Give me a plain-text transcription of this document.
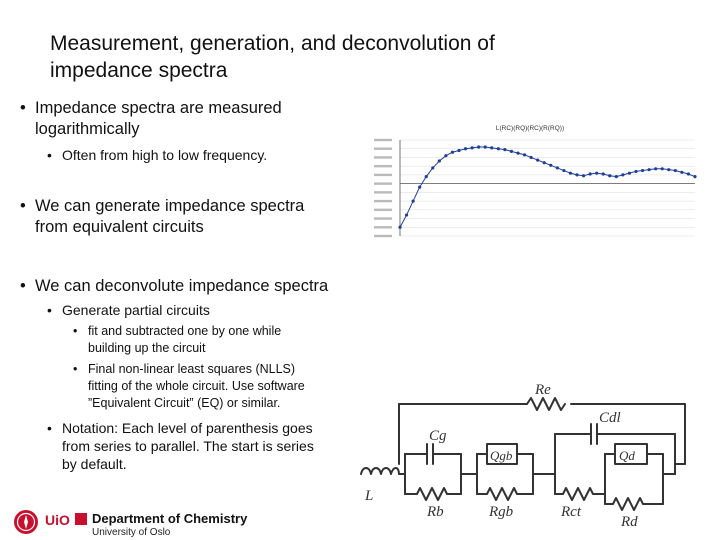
Measurement, generation, and deconvolution of
impedance spectra
• Impedance spectra are measured
logarithmically
• Often from high to low frequency.
• We can generate impedance spectra
from equivalent circuits
• We can deconvolute impedance spectra
• Generate partial circuits
• fit and subtracted one by one while
building up the circuit
• Final non-linear least squares (NLLS)
fitting of the whole circuit. Use software
”Equivalent Circuit” (EQ) or similar.
• Notation: Each level of parenthesis goes
from series to parallel. The start is series
by default.
L(RC)(RQ)(RC)(R(RQ))
UiO Department of Chemistry
University of Oslo
L
Cg
Rb
Qgb
Rgb	Rct
Cdl
Qd
Rd
Re
